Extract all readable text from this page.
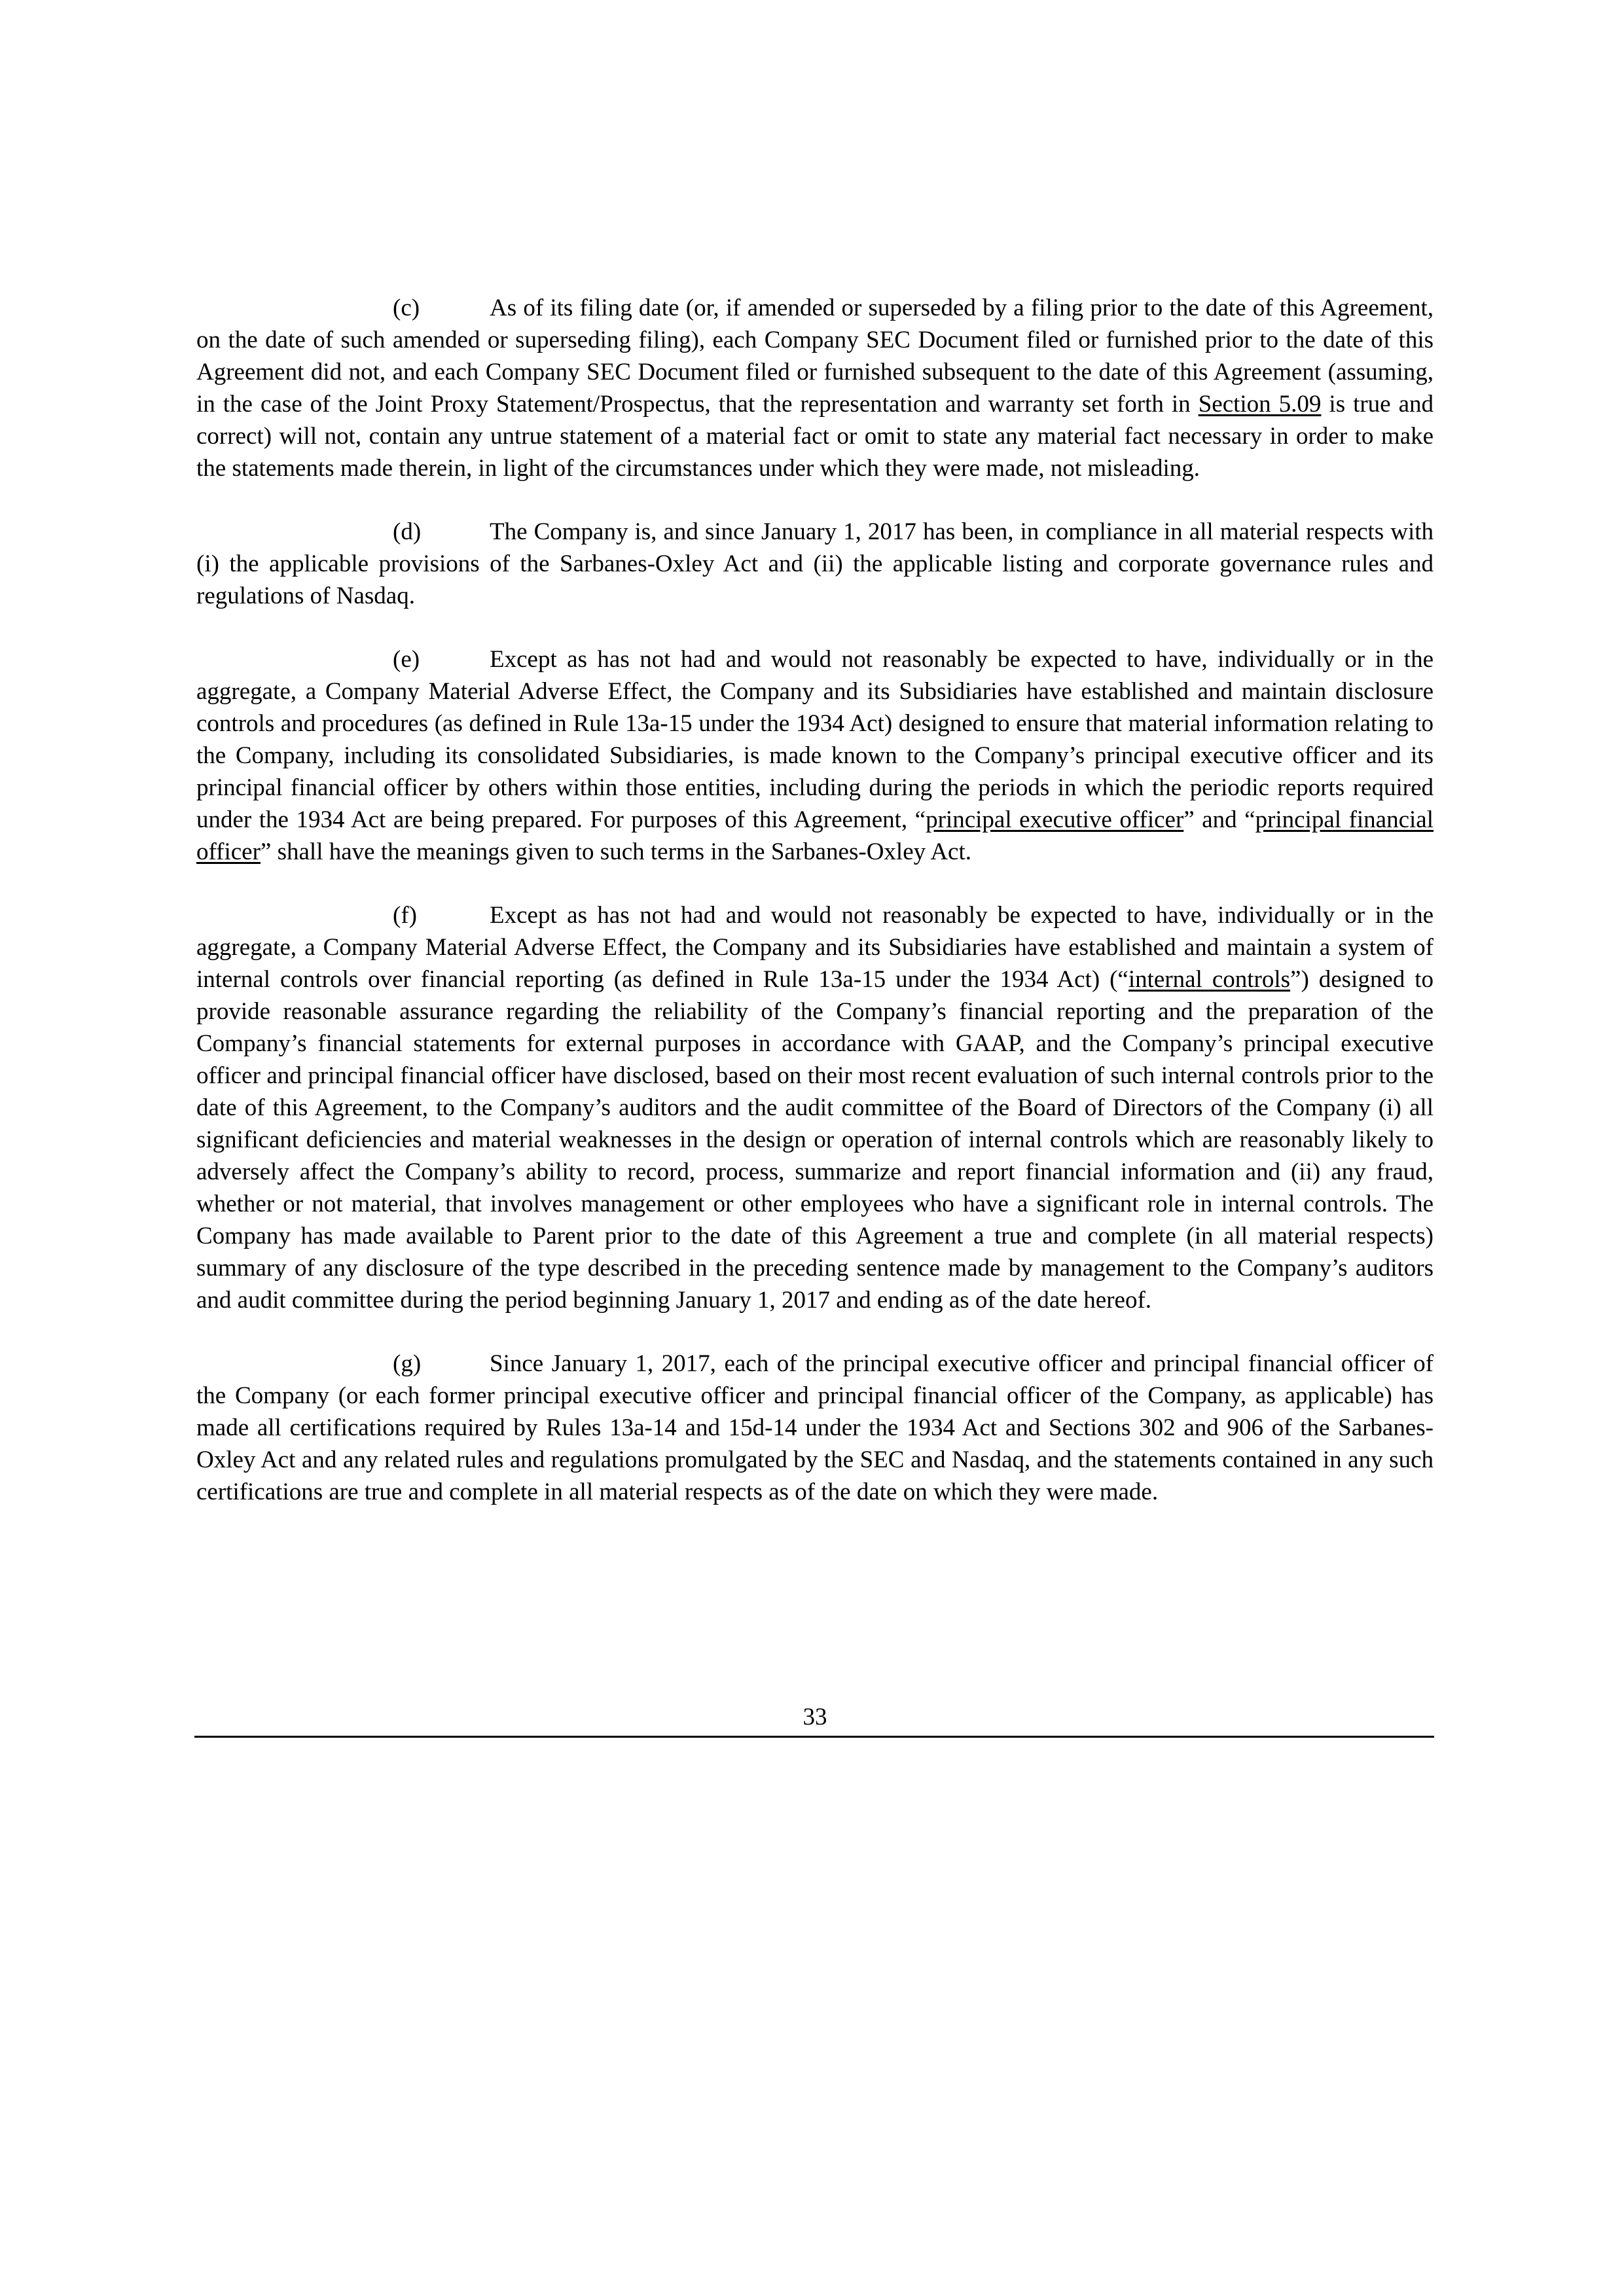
(c)	As of its filing date (or, if amended or superseded by a filing prior to the date of this Agreement, on the date of such amended or superseding filing), each Company SEC Document filed or furnished prior to the date of this Agreement did not, and each Company SEC Document filed or furnished subsequent to the date of this Agreement (assuming, in the case of the Joint Proxy Statement/Prospectus, that the representation and warranty set forth in Section 5.09 is true and correct) will not, contain any untrue statement of a material fact or omit to state any material fact necessary in order to make the statements made therein, in light of the circumstances under which they were made, not misleading.

(d)	The Company is, and since January 1, 2017 has been, in compliance in all material respects with (i) the applicable provisions of the Sarbanes-Oxley Act and (ii) the applicable listing and corporate governance rules and regulations of Nasdaq.

(e)	Except as has not had and would not reasonably be expected to have, individually or in the aggregate, a Company Material Adverse Effect, the Company and its Subsidiaries have established and maintain disclosure controls and procedures (as defined in Rule 13a-15 under the 1934 Act) designed to ensure that material information relating to the Company, including its consolidated Subsidiaries, is made known to the Company’s principal executive officer and its principal financial officer by others within those entities, including during the periods in which the periodic reports required under the 1934 Act are being prepared. For purposes of this Agreement, “principal executive officer” and “principal financial officer” shall have the meanings given to such terms in the Sarbanes-Oxley Act.

(f)	Except as has not had and would not reasonably be expected to have, individually or in the aggregate, a Company Material Adverse Effect, the Company and its Subsidiaries have established and maintain a system of internal controls over financial reporting (as defined in Rule 13a-15 under the 1934 Act) (“internal controls”) designed to provide reasonable assurance regarding the reliability of the Company’s financial reporting and the preparation of the Company’s financial statements for external purposes in accordance with GAAP, and the Company’s principal executive officer and principal financial officer have disclosed, based on their most recent evaluation of such internal controls prior to the date of this Agreement, to the Company’s auditors and the audit committee of the Board of Directors of the Company (i) all significant deficiencies and material weaknesses in the design or operation of internal controls which are reasonably likely to adversely affect the Company’s ability to record, process, summarize and report financial information and (ii) any fraud, whether or not material, that involves management or other employees who have a significant role in internal controls. The Company has made available to Parent prior to the date of this Agreement a true and complete (in all material respects) summary of any disclosure of the type described in the preceding sentence made by management to the Company’s auditors and audit committee during the period beginning January 1, 2017 and ending as of the date hereof.

(g)	Since January 1, 2017, each of the principal executive officer and principal financial officer of the Company (or each former principal executive officer and principal financial officer of the Company, as applicable) has made all certifications required by Rules 13a-14 and 15d-14 under the 1934 Act and Sections 302 and 906 of the Sarbanes-Oxley Act and any related rules and regulations promulgated by the SEC and Nasdaq, and the statements contained in any such certifications are true and complete in all material respects as of the date on which they were made.

33
